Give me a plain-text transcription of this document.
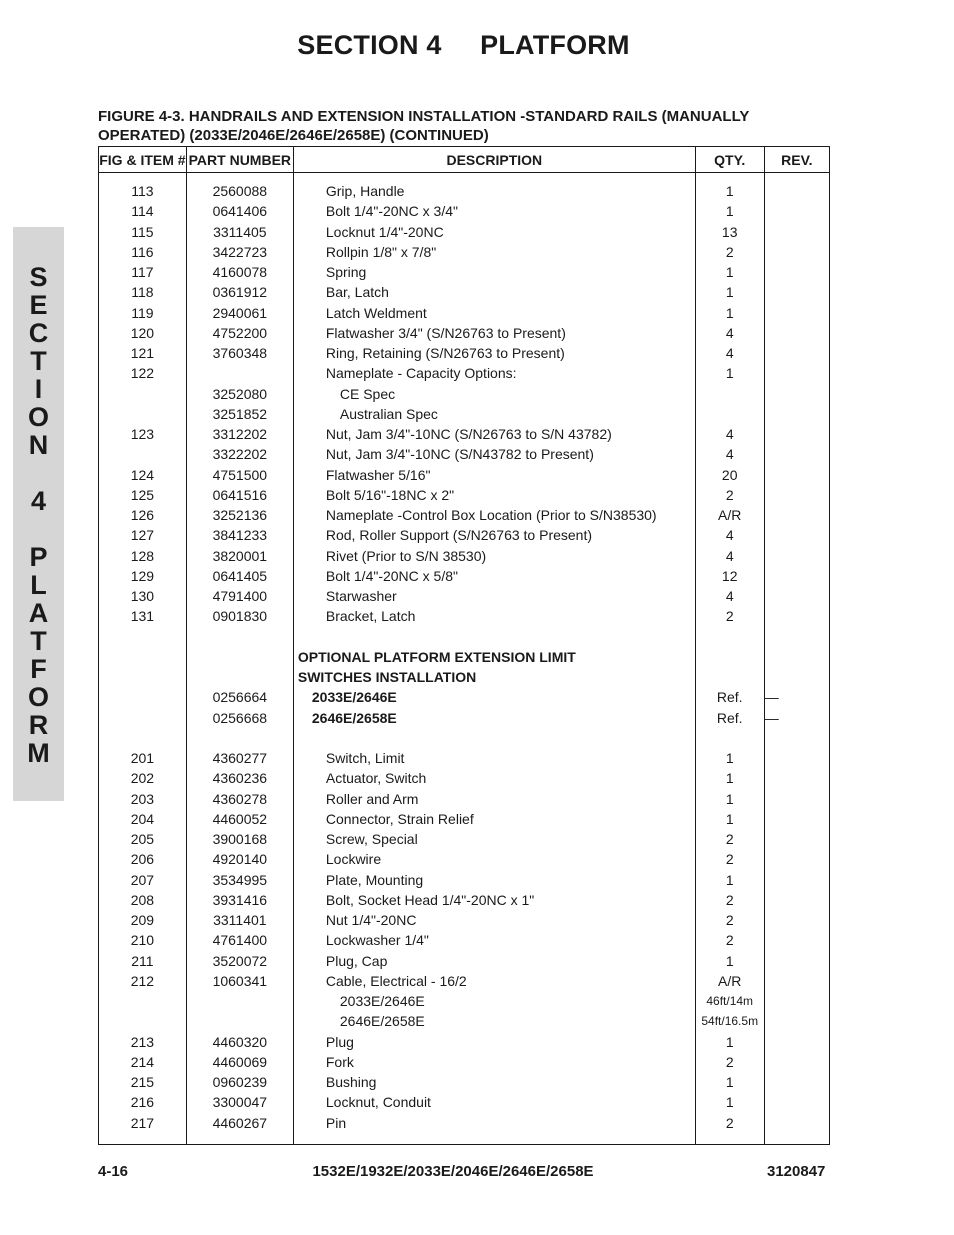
SECTION 4     PLATFORM
FIGURE 4-3. HANDRAILS AND EXTENSION INSTALLATION -STANDARD RAILS (MANUALLY OPERATED) (2033E/2046E/2646E/2658E) (CONTINUED)
S
E
C
T
I
O
N
4
P
L
A
T
F
O
R
M
FIG & ITEM #	PART NUMBER	DESCRIPTION	QTY.	REV.

113	2560088	Grip, Handle	1	
114	0641406	Bolt 1/4"-20NC x 3/4"	1	
115	3311405	Locknut 1/4"-20NC	13	
116	3422723	Rollpin 1/8" x 7/8"	2	
117	4160078	Spring	1	
118	0361912	Bar, Latch	1	
119	2940061	Latch Weldment	1	
120	4752200	Flatwasher 3/4" (S/N26763 to Present)	4	
121	3760348	Ring, Retaining (S/N26763 to Present)	4	
122		Nameplate - Capacity Options:	1	
	3252080	CE Spec		
	3251852	Australian Spec		
123	3312202	Nut, Jam 3/4"-10NC (S/N26763 to S/N 43782)	4	
	3322202	Nut, Jam 3/4"-10NC (S/N43782 to Present)	4	
124	4751500	Flatwasher 5/16"	20	
125	0641516	Bolt 5/16"-18NC x 2"	2	
126	3252136	Nameplate -Control Box Location (Prior to S/N38530)	A/R	
127	3841233	Rod, Roller Support (S/N26763 to Present)	4	
128	3820001	Rivet (Prior to S/N 38530)	4	
129	0641405	Bolt 1/4"-20NC x 5/8"	12	
130	4791400	Starwasher	4	
131	0901830	Bracket, Latch	2	

		OPTIONAL PLATFORM EXTENSION LIMIT		
		SWITCHES INSTALLATION		
	0256664	2033E/2646E	Ref.	—
	0256668	2646E/2658E	Ref.	—

201	4360277	Switch, Limit	1	
202	4360236	Actuator, Switch	1	
203	4360278	Roller and Arm	1	
204	4460052	Connector, Strain Relief	1	
205	3900168	Screw, Special	2	
206	4920140	Lockwire	2	
207	3534995	Plate, Mounting	1	
208	3931416	Bolt, Socket Head 1/4"-20NC x 1"	2	
209	3311401	Nut 1/4"-20NC	2	
210	4761400	Lockwasher 1/4"	2	
211	3520072	Plug, Cap	1	
212	1060341	Cable, Electrical - 16/2	A/R	
		2033E/2646E	46ft/14m	
		2646E/2658E	54ft/16.5m	
213	4460320	Plug	1	
214	4460069	Fork	2	
215	0960239	Bushing	1	
216	3300047	Locknut, Conduit	1	
217	4460267	Pin	2	

4-16	1532E/1932E/2033E/2046E/2646E/2658E	3120847
